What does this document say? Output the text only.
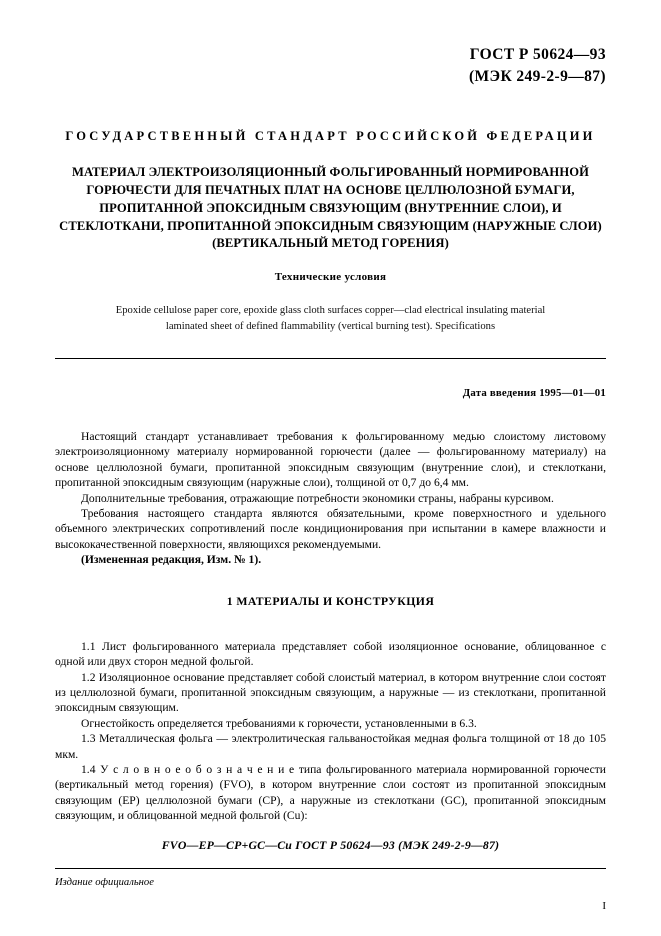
ГОСТ Р 50624—93
(МЭК 249-2-9—87)
ГОСУДАРСТВЕННЫЙ СТАНДАРТ РОССИЙСКОЙ ФЕДЕРАЦИИ
МАТЕРИАЛ ЭЛЕКТРОИЗОЛЯЦИОННЫЙ ФОЛЬГИРОВАННЫЙ НОРМИРОВАННОЙ
ГОРЮЧЕСТИ ДЛЯ ПЕЧАТНЫХ ПЛАТ НА ОСНОВЕ ЦЕЛЛЮЛОЗНОЙ БУМАГИ,
ПРОПИТАННОЙ ЭПОКСИДНЫМ СВЯЗУЮЩИМ (ВНУТРЕННИЕ СЛОИ), И
СТЕКЛОТКАНИ, ПРОПИТАННОЙ ЭПОКСИДНЫМ СВЯЗУЮЩИМ (НАРУЖНЫЕ СЛОИ)
(ВЕРТИКАЛЬНЫЙ МЕТОД ГОРЕНИЯ)
Технические условия
Epoxide cellulose paper core, epoxide glass cloth surfaces copper—clad electrical insulating material
laminated sheet of defined flammability (vertical burning test). Specifications
Дата введения 1995—01—01

Настоящий стандарт устанавливает требования к фольгированному медью слоистому листовому электроизоляционному материалу нормированной горючести (далее — фольгированному материалу) на основе целлюлозной бумаги, пропитанной эпоксидным связующим (внутренние слои), и стеклоткани, пропитанной эпоксидным связующим (наружные слои), толщиной от 0,7 до 6,4 мм.

Дополнительные требования, отражающие потребности экономики страны, набраны курсивом.

Требования настоящего стандарта являются обязательными, кроме поверхностного и удельного объемного электрических сопротивлений после кондиционирования при испытании в камере влажности и высококачественной поверхности, являющихся рекомендуемыми.

(Измененная редакция, Изм. № 1).

1 МАТЕРИАЛЫ И КОНСТРУКЦИЯ

1.1 Лист фольгированного материала представляет собой изоляционное основание, облицованное с одной или двух сторон медной фольгой.

1.2 Изоляционное основание представляет собой слоистый материал, в котором внутренние слои состоят из целлюлозной бумаги, пропитанной эпоксидным связующим, а наружные — из стеклоткани, пропитанной эпоксидным связующим.

Огнестойкость определяется требованиями к горючести, установленными в 6.3.

1.3 Металлическая фольга — электролитическая гальваностойкая медная фольга толщиной от 18 до 105 мкм.

1.4 У с л о в н о е о б о з н а ч е н и е типа фольгированного материала нормированной горючести (вертикальный метод горения) (FVO), в котором внутренние слои состоят из пропитанной эпоксидным связующим (EP) целлюлозной бумаги (CP), а наружные из стеклоткани (GC), пропитанной эпоксидным связующим, и облицованной медной фольгой (Cu):

FVO—EP—CP+GC—Cu ГОСТ Р 50624—93 (МЭК 249-2-9—87)
Издание официальное
I
